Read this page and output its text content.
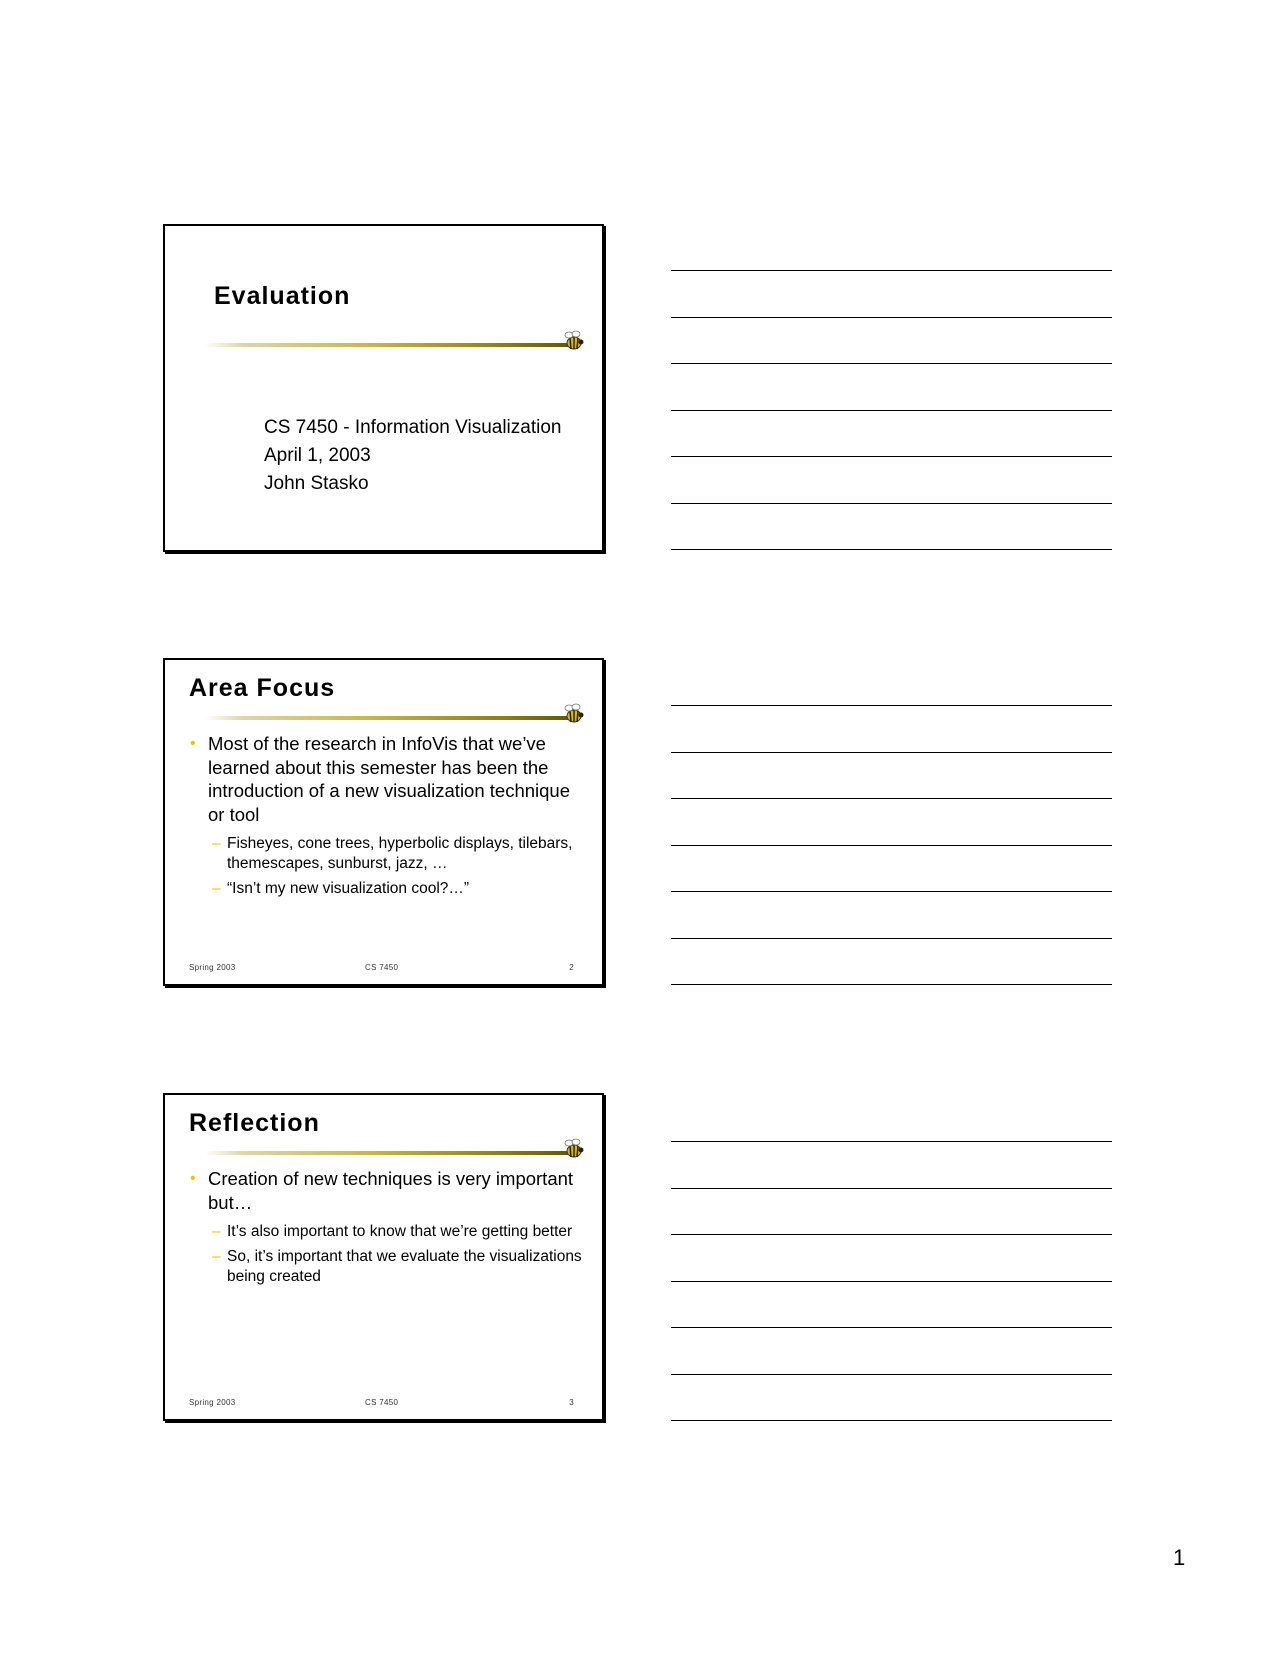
Evaluation
CS 7450 - Information Visualization
April 1, 2003
John Stasko
Area Focus
• Most of the research in InfoVis that we’ve learned about this semester has been the introduction of a new visualization technique or tool
– Fisheyes, cone trees, hyperbolic displays, tilebars, themescapes, sunburst, jazz, …
– “Isn’t my new visualization cool?…”
Spring 2003	CS 7450	2
Reflection
• Creation of new techniques is very important but…
– It’s also important to know that we’re getting better
– So, it’s important that we evaluate the visualizations being created
Spring 2003	CS 7450	3
1
